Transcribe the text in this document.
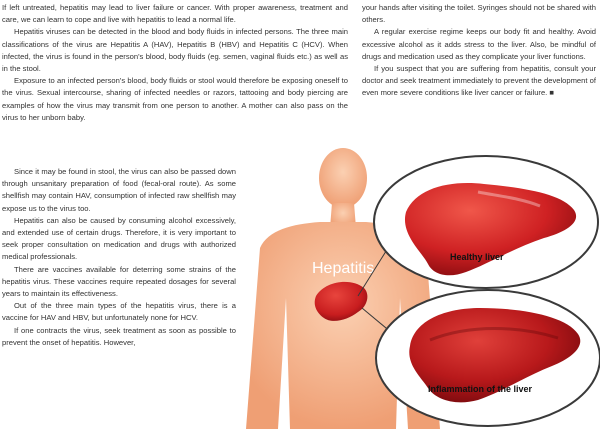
If left untreated, hepatitis may lead to liver failure or cancer. With proper awareness, treatment and care, we can learn to cope and live with hepatitis to lead a normal life.

Hepatitis viruses can be detected in the blood and body fluids in infected persons. The three main classifications of the virus are Hepatitis A (HAV), Hepatitis B (HBV) and Hepatitis C (HCV). When infected, the virus is found in the person's blood, body fluids (eg. semen, vaginal fluids etc.) as well as in the stool.

Exposure to an infected person's blood, body fluids or stool would therefore be exposing oneself to the virus. Sexual intercourse, sharing of infected needles or razors, tattooing and body piercing are examples of how the virus may transmit from one person to another. A mother can also pass on the virus to her unborn baby.

Since it may be found in stool, the virus can also be passed down through unsanitary preparation of food (fecal-oral route). As some shellfish may contain HAV, consumption of infected raw shellfish may expose us to the virus too.

Hepatitis can also be caused by consuming alcohol excessively, and extended use of certain drugs. Therefore, it is very important to seek proper consultation on medication and drugs with authorized medical professionals.

There are vaccines available for deterring some strains of the hepatitis virus. These vaccines require repeated dosages for several years to maintain its effectiveness.

Out of the three main types of the hepatitis virus, there is a vaccine for HAV and HBV, but unfortunately none for HCV.

If one contracts the virus, seek treatment as soon as possible to prevent the onset of hepatitis. However,

your hands after visiting the toilet. Syringes should not be shared with others.

A regular exercise regime keeps our body fit and healthy. Avoid excessive alcohol as it adds stress to the liver. Also, be mindful of drugs and medication used as they complicate your liver functions.

If you suspect that you are suffering from hepatitis, consult your doctor and seek treatment immediately to prevent the development of even more severe conditions like liver cancer or failure. ■

Hepatitis
Healthy liver
Inflammation of the liver
